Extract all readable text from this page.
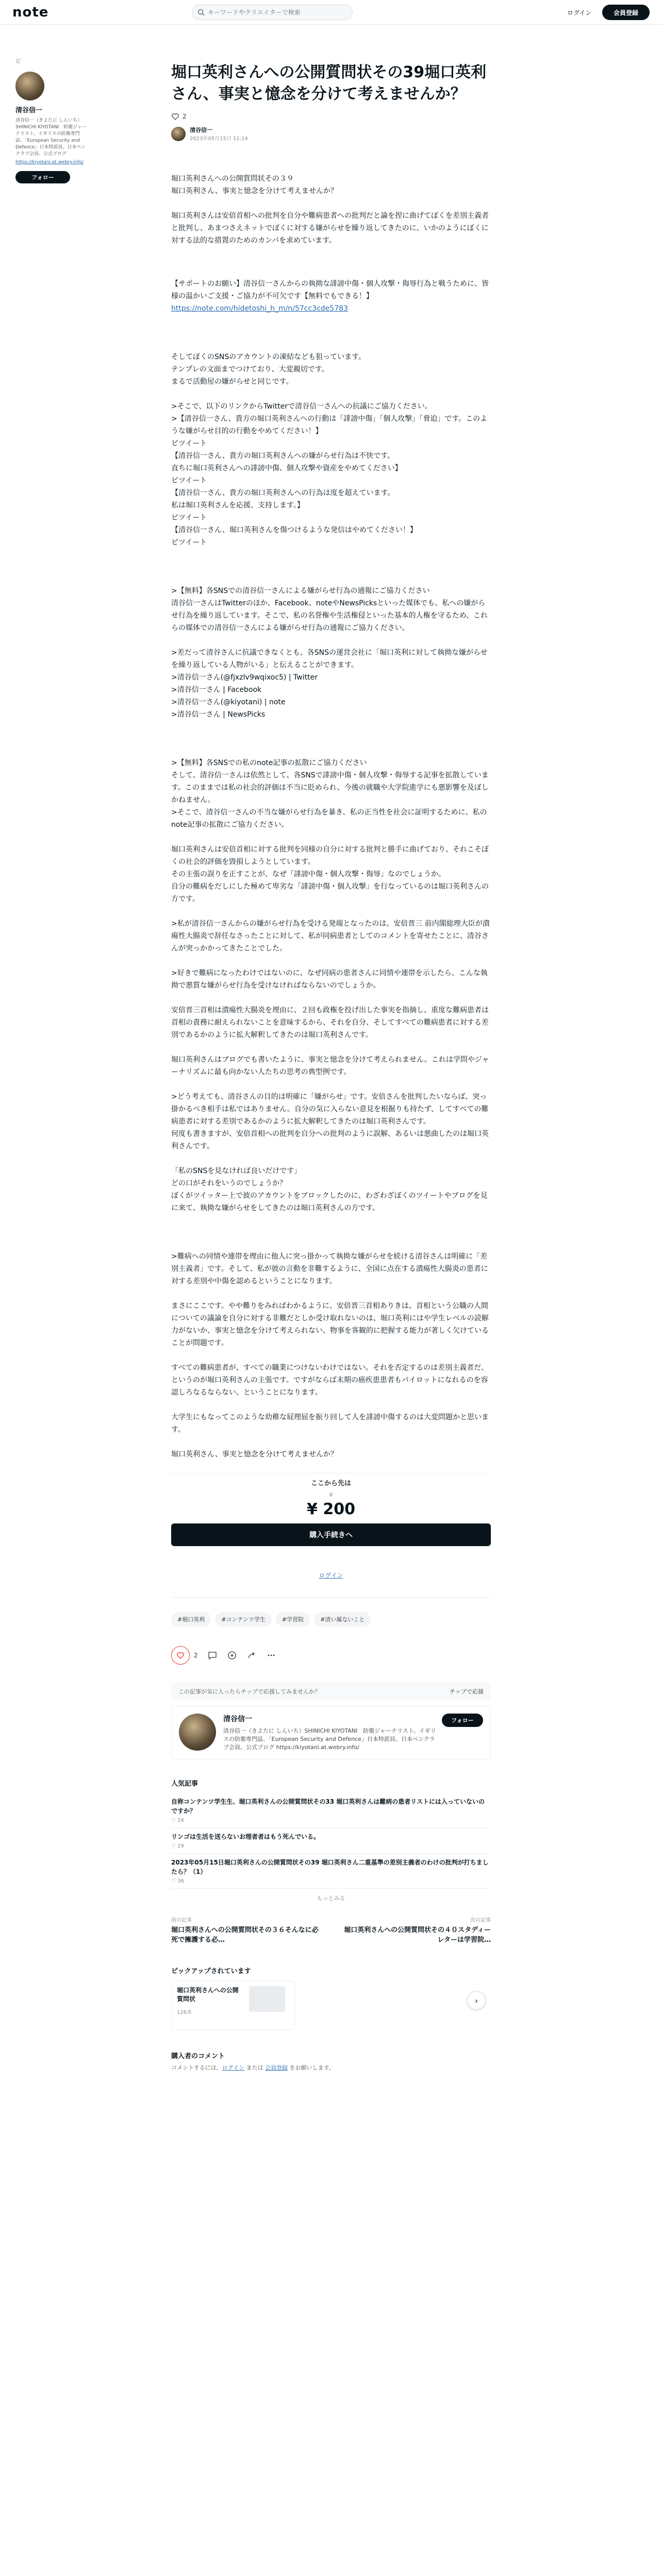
note
キーワードやクリエイターで検索	ログイン	会員登録
記
清谷信一
清谷信一（きよたに しんいち）SHINICHI KIYOTANI　防衛ジャーナリスト。イギリスの防衛専門誌、「European Security and Defence」日本特派員。日本ペンクラブ会員。公式ブログ
https://kiyotani.at.webry.info/
フォロー
堀口英利さんへの公開質問状その39堀口英利さん、事実と憶念を分けて考えませんか？
2
清谷信一
2023年05月15日 11:14
堀口英利さんへの公開質問状その３９
堀口英利さん、事実と憶念を分けて考えませんか？
堀口英利さんは安倍首相への批判を自分や難病患者への批判だと論を捏に曲げてぼくを差別主義者と批判し、あまつさえネットでぼくに対する嫌がらせを繰り返してきたのに、いかのようにぼくに対する法的な措置のためのカンパを求めています。
【サポートのお願い】清谷信一さんからの執拗な誹謗中傷・個人攻撃・侮辱行為と戦うために、皆様の温かいご支援・ご協力が不可欠です【無料でもできる！】
https://note.com/hidetoshi_h_m/n/57cc3cde5783
そしてぼくのSNSのアカウントの凍結なども狙っています。
テンプレの文面までつけており、大変親切です。
まるで活動屋の嫌がらせと同じです。
>そこで、以下のリンクからTwitterで清谷信一さんへの抗議にご協力ください。
>【清谷信一さん、貴方の堀口英利さんへの行動は「誹謗中傷」「個人攻撃」「脅迫」です。このような嫌がらせ目的の行動をやめてください！】
ビツイート
【清谷信一さん、貴方の堀口英利さんへの嫌がらせ行為は不快です。
直ちに堀口英利さんへの誹謗中傷、個人攻撃や資産をやめてください】
ビツイート
【清谷信一さん、貴方の堀口英利さんへの行為は度を超えています。
私は堀口英利さんを応援、支持します。】
ビツイート
【清谷信一さん、堀口英利さんを傷つけるような発信はやめてください！】
ビツイート
>【無料】各SNSでの清谷信一さんによる嫌がらせ行為の通報にご協力ください
清谷信一さんはTwitterのほか、Facebook、noteやNewsPicksといった媒体でも、私への嫌がらせ行為を繰り返しています。そこで、私の名誉権や生活権侵といった基本的人権を守るため、これらの媒体での清谷信一さんによる嫌がらせ行為の通報にご協力ください。
>差だって清谷さんに抗議できなくとも、各SNSの運営会社に「堀口英利に対して執拗な嫌がらせを繰り返している人物がいる」と伝えることができます。
>清谷信一さん(@fjxzlv9wqixoc5) | Twitter
>清谷信一さん | Facebook
>清谷信一さん(@kiyotani) | note
>清谷信一さん | NewsPicks
>【無料】各SNSでの私のnote記事の拡散にご協力ください
そして、清谷信一さんは依然として、各SNSで誹謗中傷・個人攻撃・侮辱する記事を拡散しています。このままでは私の社会的評価は不当に貶められ、今後の就職や大学院進学にも悪影響を及ぼしかねません。
>そこで、清谷信一さんの不当な嫌がらせ行為を暴き、私の正当性を社会に証明するために、私のnote記事の拡散にご協力ください。
堀口英利さんは安倍首相に対する批判を同様の自分に対する批判と勝手に曲げており、それこそぼくの社会的評価を毀損しようとしています。
その主張の誤りを正すことが、なぜ「誹謗中傷・個人攻撃・侮辱」なのでしょうか。
自分の難病をだしにした極めて卑劣な「誹謗中傷・個人攻撃」を行なっているのは堀口英利さんの方です。
>私が清谷信一さんからの嫌がらせ行為を受ける発端となったのは、安倍晋三 前内閣総理大臣が潰瘍性大腸炎で辞任なさったことに対して、私が同病患者としてのコメントを寄せたことに、清谷さんが突っかかってきたことでした。
>好きで難病になったわけではないのに、なぜ同病の患者さんに同情や連帯を示したら、こんな執拗で悪質な嫌がらせ行為を受けなければならないのでしょうか。
安倍晋三首相は潰瘍性大腸炎を理由に、２回も政権を投げ出した事実を指摘し、重度な難病患者は首相の責務に耐えられないことを意味するから、それを自分、そしてすべての難病患者に対する差別であるかのように拡大解釈してきたのは堀口英利さんです。
堀口英利さんはブログでも書いたように、事実と憶念を分けて考えられません。これは学問やジャーナリズムに最も向かない人たちの思考の典型例です。
>どう考えても、清谷さんの目的は明確に「嫌がらせ」です。安倍さんを批判したいならば、突っ掛かるべき相手は私ではありません。自分の気に入らない意見を根掘りも持たず、してすべての難病患者に対する差別であるかのように拡大解釈してきたのは堀口英利さんです。
何度も書きますが、安倍首相への批判を自分への批判のように誤解、あるいは悪曲したのは堀口英利さんです。
「私のSNSを見なければ良いだけです」
どの口がそれをいうのでしょうか？
ぼくがツイッター上で彼のアカウントをブロックしたのに、わざわざぼくのツイートやブログを見に来て、執拗な嫌がらせをしてきたのは堀口英利さんの方です。
>難病への同情や連帯を理由に他人に突っ掛かって執拗な嫌がらせを続ける清谷さんは明確に「差別主義者」です。そして、私が彼の言動を非難するように、全国に点在する潰瘍性大腸炎の患者に対する差別や中傷を認めるということになります。
まさにここです。やや難りをみればわかるように、安倍晋三首相ありきは、首相という公職の人間についての議論を自分に対する非難だとしか受け取れないのは、堀口英利にはや学生レベルの読解力がないか、事実と憶念を分けて考えられない、物事を客観的に把握する能力が著しく欠けていることが問題です。
すべての難病患者が、すべての職業につけないわけではない。それを否定するのは差別主義者だ、というのが堀口英利さんの主張です。ですがならば末期の癌疾患患者もパイロットになれるのを容認しろなるならない、ということになります。
大学生にもなってこのような幼稚な屁理屈を振り回して人を誹謗中傷するのは大変問題かと思います。
堀口英利さん、事実と憶念を分けて考えませんか？
ここから先は
¥
¥ 200
購入手続きへ
ログイン
#堀口英利	#コンテンツ学生	#学習院	#清い属ないこと
2
この記事が気に入ったらチップで応援してみませんか？	チップで応援
清谷信一
清谷信一（きよたに しんいち）SHINICHI KIYOTANI　防衛ジャーナリスト。イギリスの防衛専門誌、「European Security and Defence」日本特派員。日本ペンクラブ会員。公式ブログ https://kiyotani.at.webry.info/
フォロー
人気記事
自称コンテンツ学生生、堀口英利さんの公開質問状その33 堀口英利さんは難病の患者リストには入っていないのですか？
♡ 24
リンゴは生活を送らないお理者者はもう死んでいる。
♡ 29
2023年05月15日堀口英利さんの公開質問状その39 堀口英利さん二重基準の差別主義者のわけの批判が打ちましたら？（1）
♡ 36
もっとみる
前の記事
堀口英利さんへの公開質問状その３６そんなに必死で擁護する必…
次の記事
堀口英利さんへの公開質問状その４０スタディーレターは学習院…
ピックアップされています
堀口英利さんへの公開質問状
126本
›
購入者のコメント
コメントするには、ログイン または 会員登録 をお願いします。
